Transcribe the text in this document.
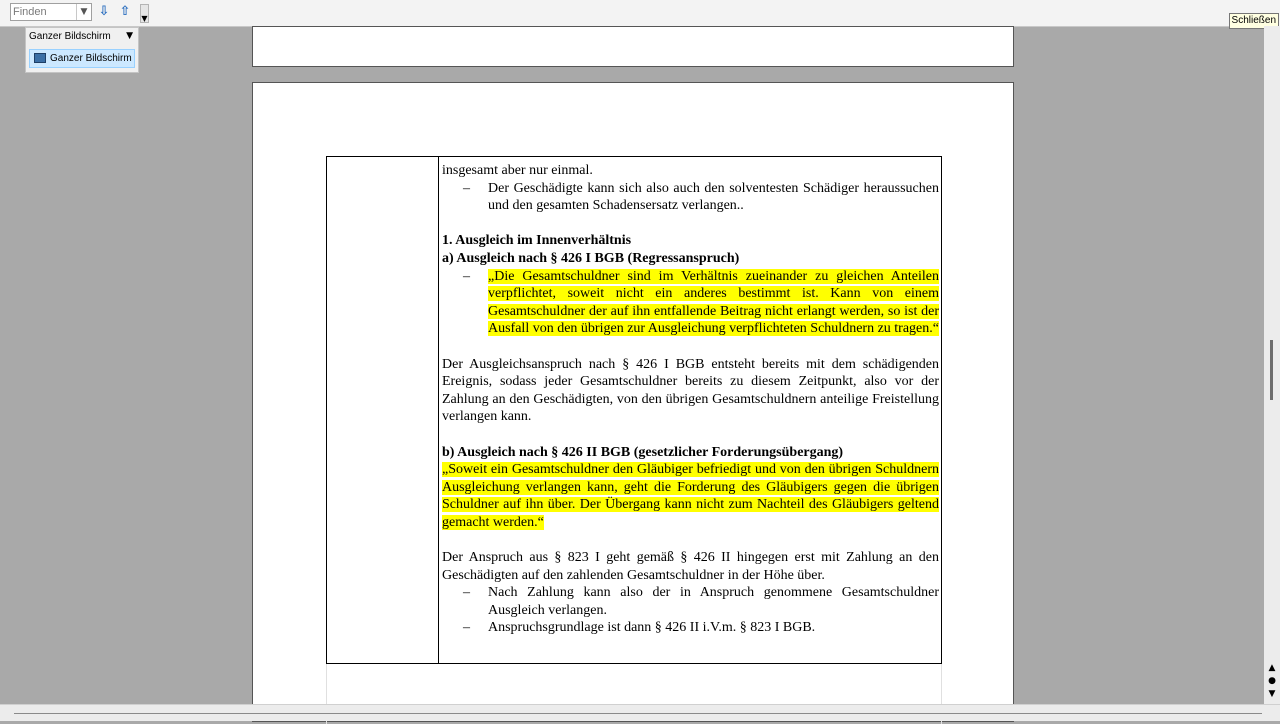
Finden
▼ ⇩ ⇧	▼	Schließen

insgesamt aber nur einmal.

– Der Geschädigte kann sich also auch den solventesten Schädiger heraussuchen und den gesamten Schadensersatz verlangen..

1. Ausgleich im Innenverhältnis

a) Ausgleich nach § 426 I BGB (Regressanspruch)

– „Die Gesamtschuldner sind im Verhältnis zueinander zu gleichen Anteilen verpflichtet, soweit nicht ein anderes bestimmt ist. Kann von einem Gesamtschuldner der auf ihn entfallende Beitrag nicht erlangt werden, so ist der Ausfall von den übrigen zur Ausgleichung verpflichteten Schuldnern zu tragen.“

Der Ausgleichsanspruch nach § 426 I BGB entsteht bereits mit dem schädigenden Ereignis, sodass jeder Gesamtschuldner bereits zu diesem Zeitpunkt, also vor der Zahlung an den Geschädigten, von den übrigen Gesamtschuldnern anteilige Freistellung verlangen kann.

b) Ausgleich nach § 426 II BGB (gesetzlicher Forderungsübergang)

„Soweit ein Gesamtschuldner den Gläubiger befriedigt und von den übrigen Schuldnern Ausgleichung verlangen kann, geht die Forderung des Gläubigers gegen die übrigen Schuldner auf ihn über. Der Übergang kann nicht zum Nachteil des Gläubigers geltend gemacht werden.“

Der Anspruch aus § 823 I geht gemäß § 426 II hingegen erst mit Zahlung an den Geschädigten auf den zahlenden Gesamtschuldner in der Höhe über.

– Nach Zahlung kann also der in Anspruch genommene Gesamtschuldner Ausgleich verlangen.
– Anspruchsgrundlage ist dann § 426 II i.V.m. § 823 I BGB.
Ganzer Bildschirm ▼
Ganzer Bildschirm
▲
●
▼
